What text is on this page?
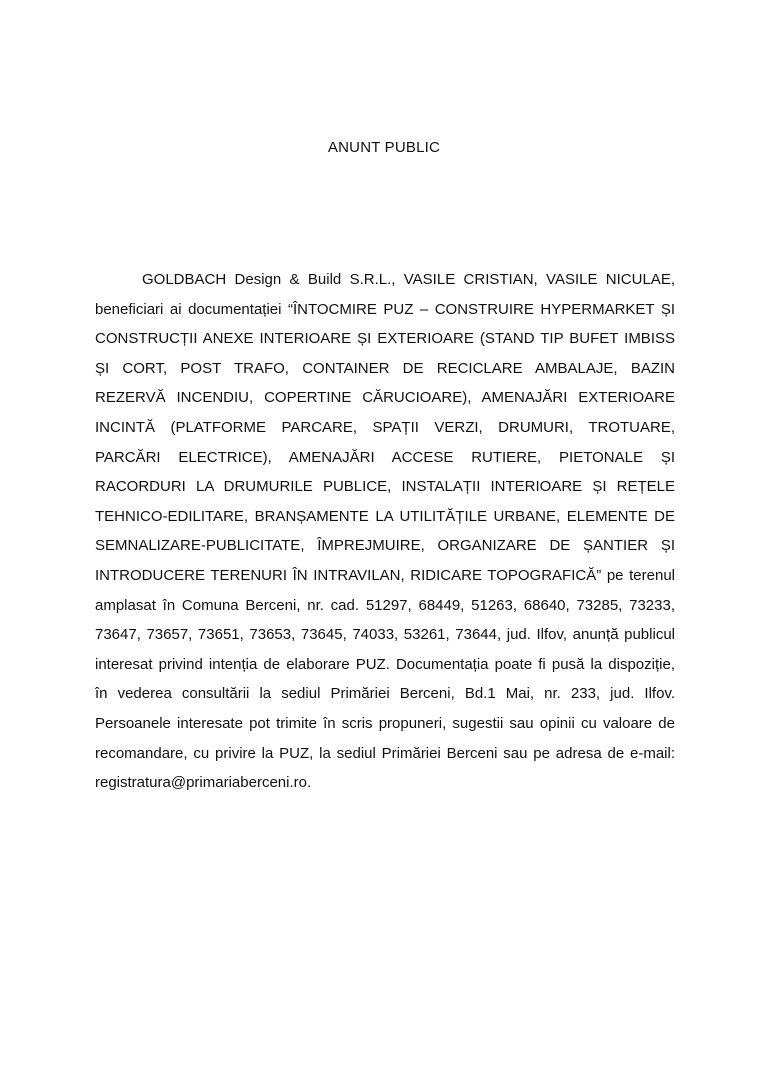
ANUNT PUBLIC

GOLDBACH Design & Build S.R.L., VASILE CRISTIAN, VASILE NICULAE, beneficiari ai documentației “ÎNTOCMIRE PUZ – CONSTRUIRE HYPERMARKET ȘI CONSTRUCȚII ANEXE INTERIOARE ȘI EXTERIOARE (STAND TIP BUFET IMBISS ȘI CORT, POST TRAFO, CONTAINER DE RECICLARE AMBALAJE, BAZIN REZERVĂ INCENDIU, COPERTINE CĂRUCIOARE), AMENAJĂRI EXTERIOARE INCINTĂ (PLATFORME PARCARE, SPAȚII VERZI, DRUMURI, TROTUARE, PARCĂRI ELECTRICE), AMENAJĂRI ACCESE RUTIERE, PIETONALE ȘI RACORDURI LA DRUMURILE PUBLICE, INSTALAȚII INTERIOARE ȘI REȚELE TEHNICO-EDILITARE, BRANȘAMENTE LA UTILITĂȚILE URBANE, ELEMENTE DE SEMNALIZARE-PUBLICITATE, ÎMPREJMUIRE, ORGANIZARE DE ȘANTIER ȘI INTRODUCERE TERENURI ÎN INTRAVILAN, RIDICARE TOPOGRAFICĂ” pe terenul amplasat în Comuna Berceni, nr. cad. 51297, 68449, 51263, 68640, 73285, 73233, 73647, 73657, 73651, 73653, 73645, 74033, 53261, 73644, jud. Ilfov, anunță publicul interesat privind intenția de elaborare PUZ. Documentația poate fi pusă la dispoziție, în vederea consultării la sediul Primăriei Berceni, Bd.1 Mai, nr. 233, jud. Ilfov. Persoanele interesate pot trimite în scris propuneri, sugestii sau opinii cu valoare de recomandare, cu privire la PUZ, la sediul Primăriei Berceni sau pe adresa de e-mail: registratura@primariaberceni.ro.
